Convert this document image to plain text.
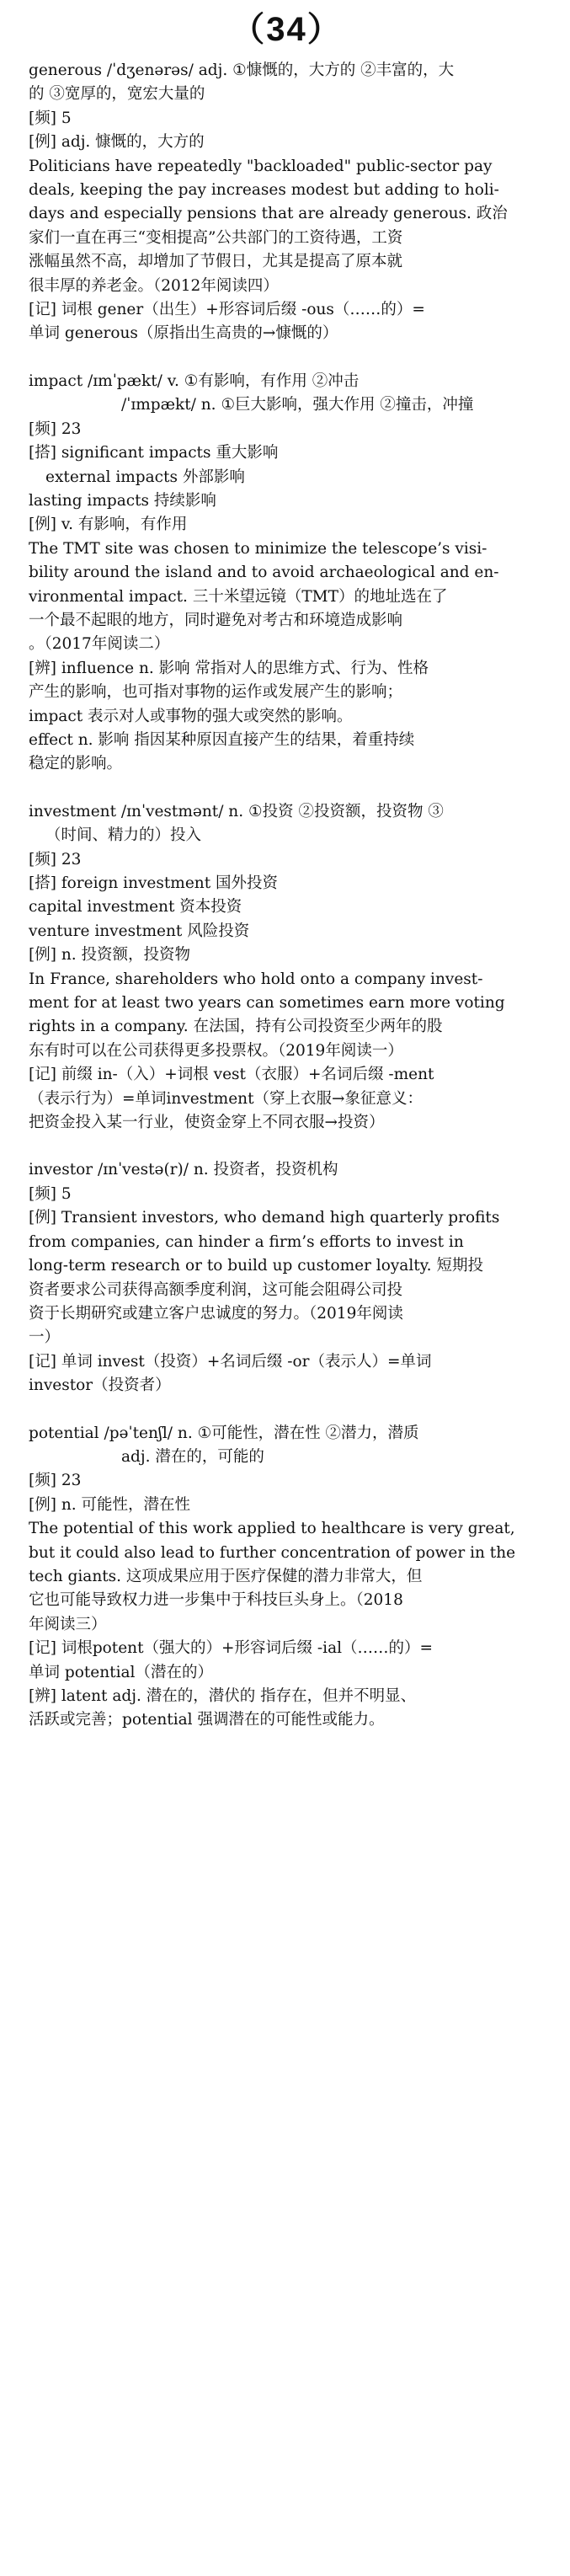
（34）
generous /ˈdʒenərəs/ adj. ①慷慨的，大方的 ②丰富的，大
的 ③宽厚的，宽宏大量的
[频] 5
[例] adj. 慷慨的，大方的
Politicians have repeatedly "backloaded" public-sector pay
deals, keeping the pay increases modest but adding to holi-
days and especially pensions that are already generous. 政治
家们一直在再三“变相提高”公共部门的工资待遇，工资
涨幅虽然不高，却增加了节假日，尤其是提高了原本就
很丰厚的养老金。（2012年阅读四）
[记] 词根 gener（出生）+形容词后缀 -ous（……的）=
单词 generous（原指出生高贵的→慷慨的）
impact /ɪmˈpækt/ v. ①有影响，有作用 ②冲击
/ˈɪmpækt/ n. ①巨大影响，强大作用 ②撞击，冲撞
[频] 23
[搭] significant impacts 重大影响
external impacts 外部影响
lasting impacts 持续影响
[例] v. 有影响，有作用
The TMT site was chosen to minimize the telescope’s visi-
bility around the island and to avoid archaeological and en-
vironmental impact. 三十米望远镜（TMT）的地址选在了
一个最不起眼的地方，同时避免对考古和环境造成影响
。（2017年阅读二）
[辨] influence n. 影响 常指对人的思维方式、行为、性格
产生的影响，也可指对事物的运作或发展产生的影响；
impact 表示对人或事物的强大或突然的影响。
effect n. 影响 指因某种原因直接产生的结果，着重持续
稳定的影响。
investment /ɪnˈvestmənt/ n. ①投资 ②投资额，投资物 ③
（时间、精力的）投入
[频] 23
[搭] foreign investment 国外投资
capital investment 资本投资
venture investment 风险投资
[例] n. 投资额，投资物
In France, shareholders who hold onto a company invest-
ment for at least two years can sometimes earn more voting
rights in a company. 在法国，持有公司投资至少两年的股
东有时可以在公司获得更多投票权。（2019年阅读一）
[记] 前缀 in-（入）+词根 vest（衣服）+名词后缀 -ment
（表示行为）=单词investment（穿上衣服→象征意义：
把资金投入某一行业，使资金穿上不同衣服→投资）
investor /ɪnˈvestə(r)/ n. 投资者，投资机构
[频] 5
[例] Transient investors, who demand high quarterly profits
from companies, can hinder a firm’s efforts to invest in
long-term research or to build up customer loyalty. 短期投
资者要求公司获得高额季度利润，这可能会阻碍公司投
资于长期研究或建立客户忠诚度的努力。（2019年阅读
一）
[记] 单词 invest（投资）+名词后缀 -or（表示人）=单词
investor（投资者）
potential /pəˈtenʃl/ n. ①可能性，潜在性 ②潜力，潜质
adj. 潜在的，可能的
[频] 23
[例] n. 可能性，潜在性
The potential of this work applied to healthcare is very great,
but it could also lead to further concentration of power in the
tech giants. 这项成果应用于医疗保健的潜力非常大，但
它也可能导致权力进一步集中于科技巨头身上。（2018
年阅读三）
[记] 词根potent（强大的）+形容词后缀 -ial（……的）=
单词 potential（潜在的）
[辨] latent adj. 潜在的，潜伏的 指存在，但并不明显、
活跃或完善；potential 强调潜在的可能性或能力。
